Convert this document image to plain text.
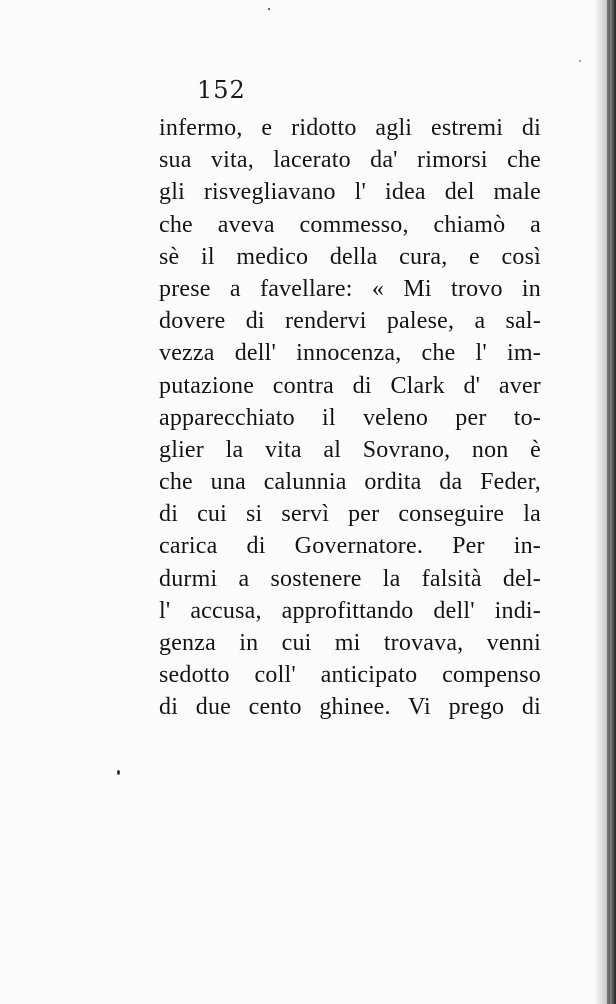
152

infermo, e ridotto agli estremi di
sua vita, lacerato da' rimorsi che
gli risvegliavano l' idea del male
che aveva commesso, chiamò a
sè il medico della cura, e così
prese a favellare: « Mi trovo in
dovere di rendervi palese, a sal-
vezza dell' innocenza, che l' im-
putazione contra di Clark d' aver
apparecchiato il veleno per to-
glier la vita al Sovrano, non è
che una calunnia ordita da Feder,
di cui si servì per conseguire la
carica di Governatore. Per in-
durmi a sostenere la falsità del-
l' accusa, approfittando dell' indi-
genza in cui mi trovava, venni
sedotto coll' anticipato compenso
di due cento ghinee. Vi prego di
